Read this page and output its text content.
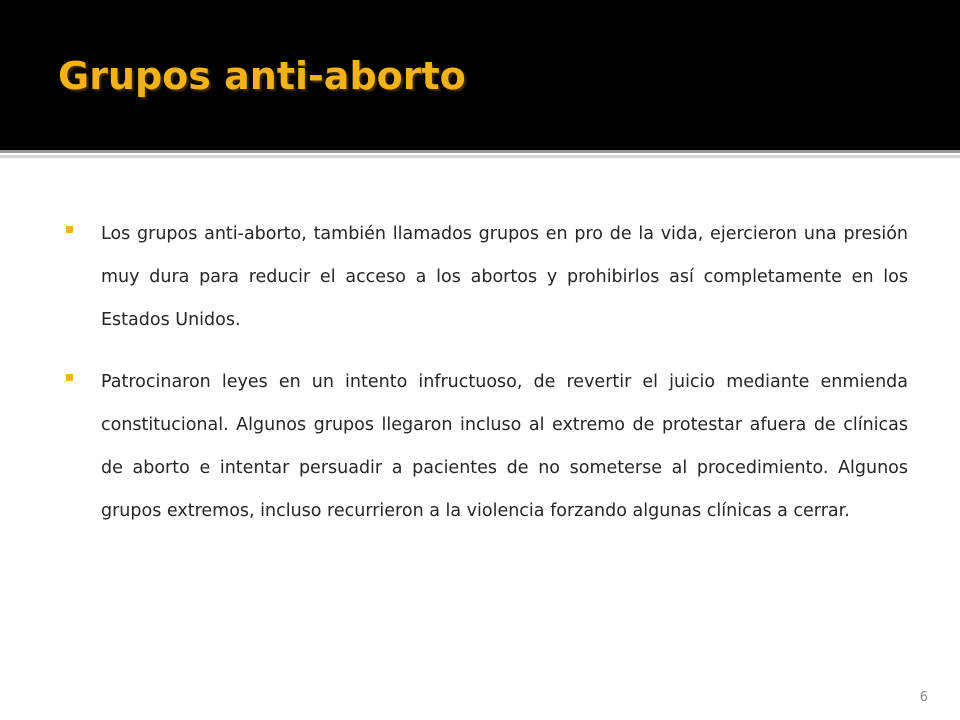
Grupos anti-aborto

Los grupos anti-aborto, también llamados grupos en pro de la vida, ejercieron una presión muy dura para reducir el acceso a los abortos y prohibirlos así completamente en los Estados Unidos.

Patrocinaron leyes en un intento infructuoso, de revertir el juicio mediante enmienda constitucional. Algunos grupos llegaron incluso al extremo de protestar afuera de clínicas de aborto e intentar persuadir a pacientes de no someterse al procedimiento. Algunos grupos extremos, incluso recurrieron a la violencia forzando algunas clínicas a cerrar.

6
